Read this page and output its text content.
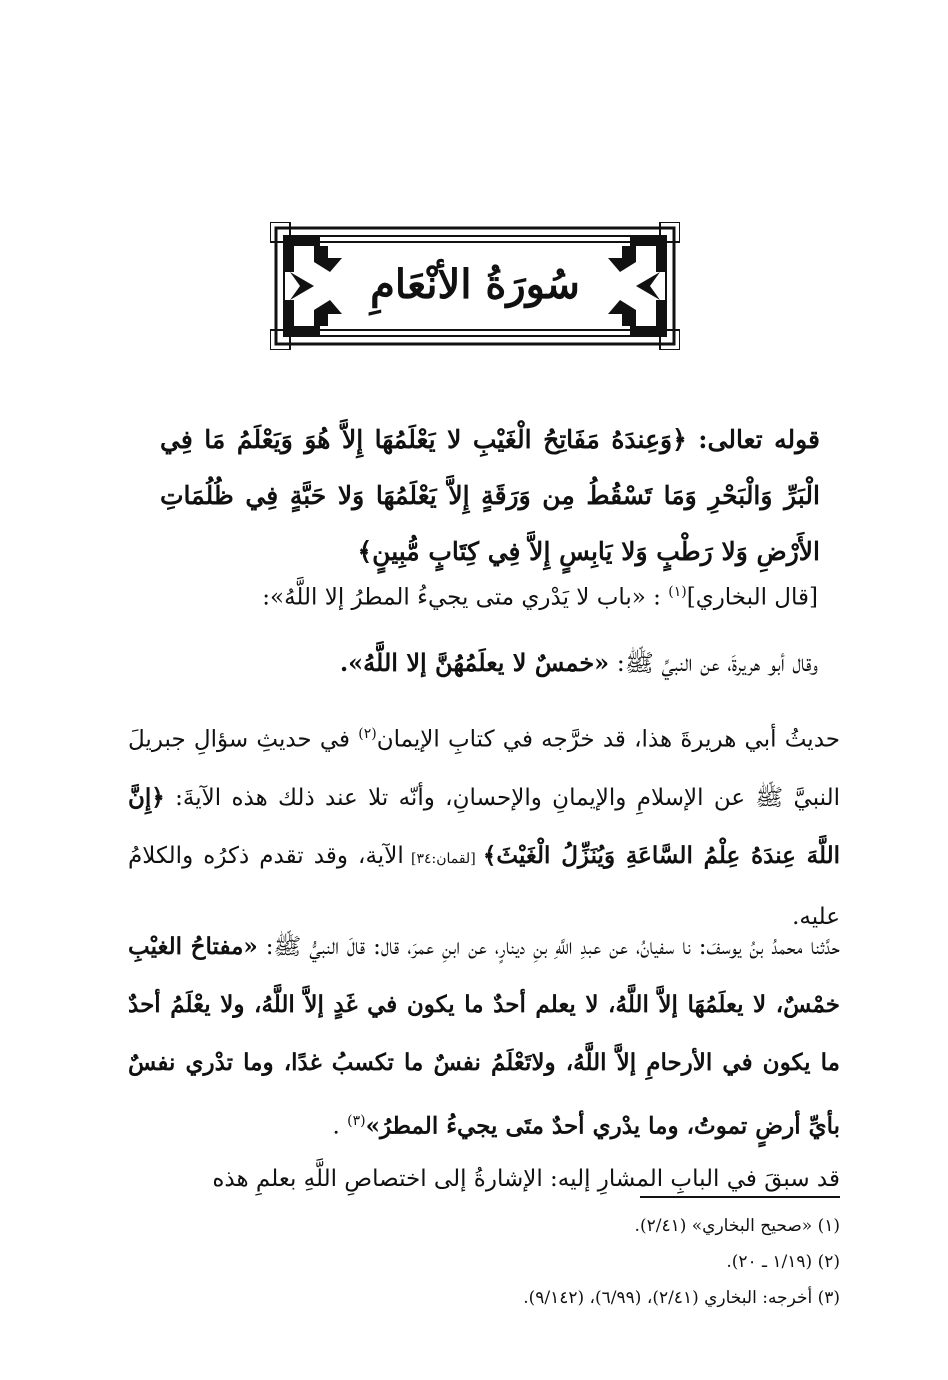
سُورَةُ الأنْعَامِ
قوله تعالى: ﴿وَعِندَهُ مَفَاتِحُ الْغَيْبِ لا يَعْلَمُهَا إِلاَّ هُوَ وَيَعْلَمُ مَا فِي الْبَرِّ وَالْبَحْرِ وَمَا تَسْقُطُ مِن وَرَقَةٍ إِلاَّ يَعْلَمُهَا وَلا حَبَّةٍ فِي ظُلُمَاتِ الأَرْضِ وَلا رَطْبٍ وَلا يَابِسٍ إِلاَّ فِي كِتَابٍ مُّبِينٍ﴾
[قال البخاري]$^{(١)}$ : «باب لا يَدْري متى يجيءُ المطرُ إلا اللَّهُ»:
وقال أبو هريرةَ، عن النبيِّ ﷺ: «خمسٌ لا يعلَمُهُنَّ إلا اللَّهُ».
حديثُ أبي هريرةَ هذا، قد خرَّجه في كتابِ الإيمان$^{(٢)}$ في حديثِ سؤالِ جبريلَ النبيَّ ﷺ عن الإسلامِ والإيمانِ والإحسانِ، وأنّه تلا عند ذلك هذه الآيةَ: ﴿إِنَّ اللَّهَ عِندَهُ عِلْمُ السَّاعَةِ وَيُنَزِّلُ الْغَيْثَ﴾ [لقمان:٣٤] الآية، وقد تقدم ذكرُه والكلامُ عليه.
حدَّثنا محمدُ بنُ يوسفَ: نا سفيانُ، عن عبدِ اللَّهِ بنِ دينارٍ، عن ابنِ عمرَ، قال: قالَ النبيُّ ﷺ: «مفتاحُ الغيْبِ خمْسٌ، لا يعلَمُهَا إلاَّ اللَّهُ، لا يعلم أحدٌ ما يكون في غَدٍ إلاَّ اللَّهُ، ولا يعْلَمُ أحدٌ ما يكون في الأرحامِ إلاَّ اللَّهُ، ولاتَعْلَمُ نفسٌ ما تكسبُ غدًا، وما تدْري نفسٌ بأيِّ أرضٍ تموتُ، وما يدْري أحدٌ متَى يجيءُ المطرُ»$^{(٣)}$ .
قد سبقَ في البابِ المشارِ إليه: الإشارةُ إلى اختصاصِ اللَّهِ بعلمِ هذه
(١) «صحيح البخاري» (٢/٤١).
(٢) (١/١٩ ـ ٢٠).
(٣) أخرجه: البخاري (٢/٤١)، (٦/٩٩)، (٩/١٤٢).
